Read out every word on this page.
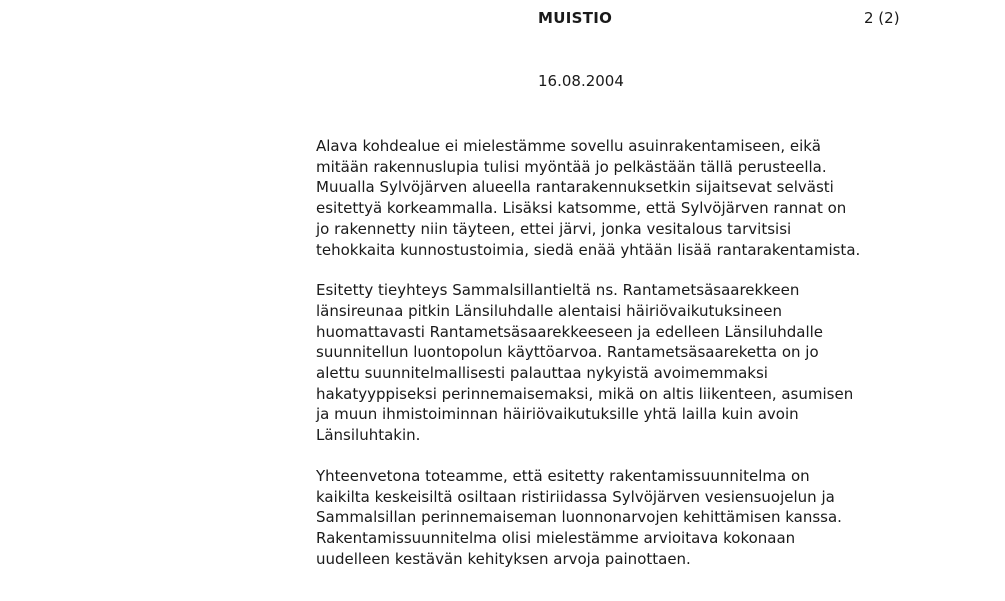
MUISTIO	2 (2)
16.08.2004

Alava kohdealue ei mielestämme sovellu asuinrakentamiseen, eikä
mitään rakennuslupia tulisi myöntää jo pelkästään tällä perusteella.
Muualla Sylvöjärven alueella rantarakennuksetkin sijaitsevat selvästi
esitettyä korkeammalla. Lisäksi katsomme, että Sylvöjärven rannat on
jo rakennetty niin täyteen, ettei järvi, jonka vesitalous tarvitsisi
tehokkaita kunnostustoimia, siedä enää yhtään lisää rantarakentamista.

Esitetty tieyhteys Sammalsillantieltä ns. Rantametsäsaarekkeen
länsireunaa pitkin Länsiluhdalle alentaisi häiriövaikutuksineen
huomattavasti Rantametsäsaarekkeeseen ja edelleen Länsiluhdalle
suunnitellun luontopolun käyttöarvoa. Rantametsäsaareketta on jo
alettu suunnitelmallisesti palauttaa nykyistä avoimemmaksi
hakatyyppiseksi perinnemaisemaksi, mikä on altis liikenteen, asumisen
ja muun ihmistoiminnan häiriövaikutuksille yhtä lailla kuin avoin
Länsiluhtakin.

Yhteenvetona toteamme, että esitetty rakentamissuunnitelma on
kaikilta keskeisiltä osiltaan ristiriidassa Sylvöjärven vesiensuojelun ja
Sammalsillan perinnemaiseman luonnonarvojen kehittämisen kanssa.
Rakentamissuunnitelma olisi mielestämme arvioitava kokonaan
uudelleen kestävän kehityksen arvoja painottaen.
